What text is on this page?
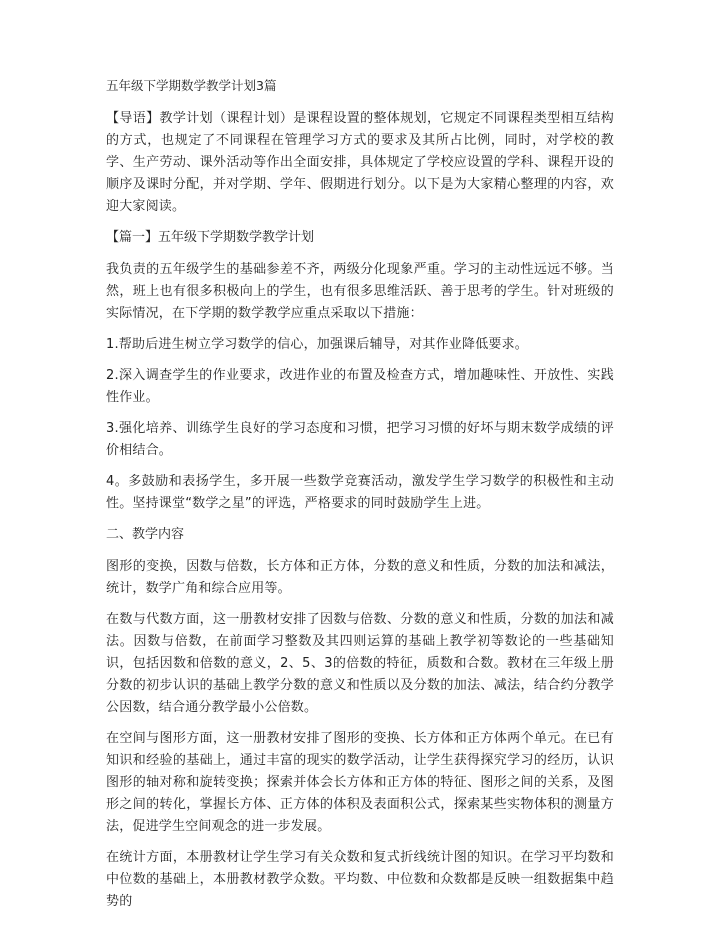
五年级下学期数学教学计划3篇
【导语】教学计划（课程计划）是课程设置的整体规划，它规定不同课程类型相互结构的方式，也规定了不同课程在管理学习方式的要求及其所占比例，同时，对学校的教学、生产劳动、课外活动等作出全面安排，具体规定了学校应设置的学科、课程开设的顺序及课时分配，并对学期、学年、假期进行划分。以下是为大家精心整理的内容，欢迎大家阅读。
【篇一】五年级下学期数学教学计划
我负责的五年级学生的基础参差不齐，两级分化现象严重。学习的主动性远远不够。当然，班上也有很多积极向上的学生，也有很多思维活跃、善于思考的学生。针对班级的实际情况，在下学期的数学教学应重点采取以下措施：
1.帮助后进生树立学习数学的信心，加强课后辅导，对其作业降低要求。
2.深入调查学生的作业要求，改进作业的布置及检查方式，增加趣味性、开放性、实践性作业。
3.强化培养、训练学生良好的学习态度和习惯，把学习习惯的好坏与期末数学成绩的评价相结合。
4。多鼓励和表扬学生，多开展一些数学竞赛活动，激发学生学习数学的积极性和主动性。坚持课堂“数学之星”的评选，严格要求的同时鼓励学生上进。
二、教学内容
图形的变换，因数与倍数，长方体和正方体，分数的意义和性质，分数的加法和减法，统计，数学广角和综合应用等。
在数与代数方面，这一册教材安排了因数与倍数、分数的意义和性质，分数的加法和减法。因数与倍数，在前面学习整数及其四则运算的基础上教学初等数论的一些基础知识，包括因数和倍数的意义，2、5、3的倍数的特征，质数和合数。教材在三年级上册分数的初步认识的基础上教学分数的意义和性质以及分数的加法、减法，结合约分教学公因数，结合通分教学最小公倍数。
在空间与图形方面，这一册教材安排了图形的变换、长方体和正方体两个单元。在已有知识和经验的基础上，通过丰富的现实的数学活动，让学生获得探究学习的经历，认识图形的轴对称和旋转变换；探索并体会长方体和正方体的特征、图形之间的关系，及图形之间的转化，掌握长方体、正方体的体积及表面积公式，探索某些实物体积的测量方法，促进学生空间观念的进一步发展。
在统计方面，本册教材让学生学习有关众数和复式折线统计图的知识。在学习平均数和中位数的基础上，本册教材教学众数。平均数、中位数和众数都是反映一组数据集中趋势的
